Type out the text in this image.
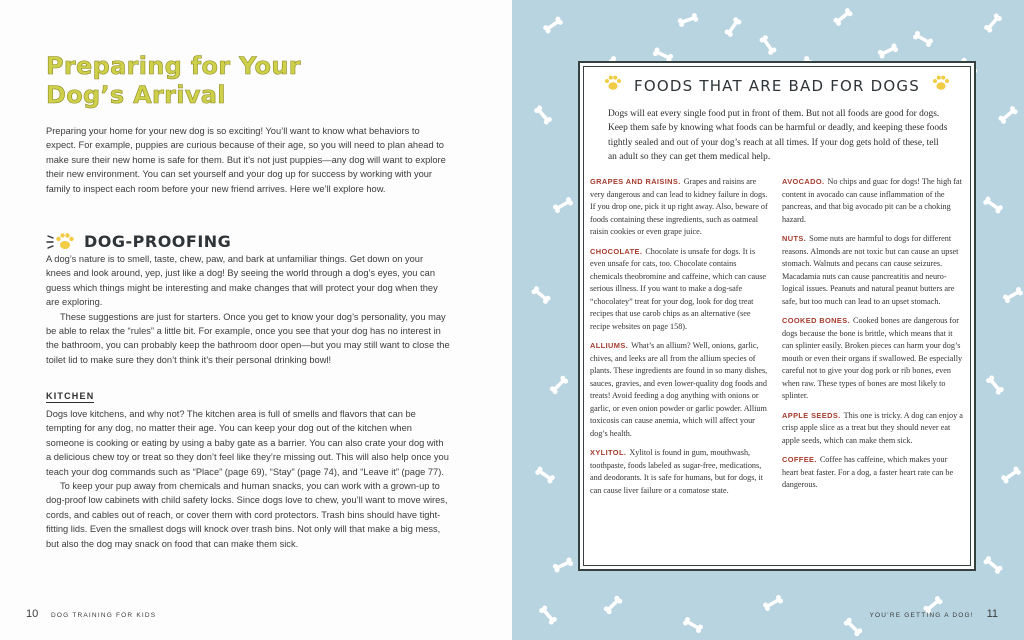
Preparing for Your
Dog’s Arrival

Preparing your home for your new dog is so exciting! You’ll want to know what behaviors to expect. For example, puppies are curious because of their age, so you will need to plan ahead to make sure their new home is safe for them. But it’s not just puppies—any dog will want to explore their new environment. You can set yourself and your dog up for success by working with your family to inspect each room before your new friend arrives. Here we’ll explore how.

DOG-PROOFING

A dog’s nature is to smell, taste, chew, paw, and bark at unfamiliar things. Get down on your knees and look around, yep, just like a dog! By seeing the world through a dog’s eyes, you can guess which things might be interesting and make changes that will protect your dog when they are exploring.

These suggestions are just for starters. Once you get to know your dog’s personality, you may be able to relax the “rules” a little bit. For example, once you see that your dog has no interest in the bathroom, you can probably keep the bathroom door open—but you may still want to close the toilet lid to make sure they don’t think it’s their personal drinking bowl!

KITCHEN

Dogs love kitchens, and why not? The kitchen area is full of smells and flavors that can be tempting for any dog, no matter their age. You can keep your dog out of the kitchen when someone is cooking or eating by using a baby gate as a barrier. You can also crate your dog with a delicious chew toy or treat so they don’t feel like they’re missing out. This will also help once you teach your dog commands such as “Place” (page 69), “Stay” (page 74), and “Leave it” (page 77).

To keep your pup away from chemicals and human snacks, you can work with a grown-up to dog-proof low cabinets with child safety locks. Since dogs love to chew, you’ll want to move wires, cords, and cables out of reach, or cover them with cord protectors. Trash bins should have tight-fitting lids. Even the smallest dogs will knock over trash bins. Not only will that make a big mess, but also the dog may snack on food that can make them sick.

10 DOG TRAINING FOR KIDS
FOODS THAT ARE BAD FOR DOGS
Dogs will eat every single food put in front of them. But not all foods are good for dogs. Keep them safe by knowing what foods can be harmful or deadly, and keeping these foods tightly sealed and out of your dog’s reach at all times. If your dog gets hold of these, tell an adult so they can get them medical help.

GRAPES AND RAISINS. Grapes and raisins are very dangerous and can lead to kidney failure in dogs. If you drop one, pick it up right away. Also, beware of foods containing these ingredients, such as oatmeal raisin cookies or even grape juice.

CHOCOLATE. Chocolate is unsafe for dogs. It is even unsafe for cats, too. Chocolate contains chemicals theobromine and caffeine, which can cause serious illness. If you want to make a dog-safe “chocolatey” treat for your dog, look for dog treat recipes that use carob chips as an alternative (see recipe websites on page 158).

ALLIUMS. What’s an allium? Well, onions, garlic, chives, and leeks are all from the allium species of plants. These ingredients are found in so many dishes, sauces, gravies, and even lower-quality dog foods and treats! Avoid feeding a dog anything with onions or garlic, or even onion powder or garlic powder. Allium toxicosis can cause anemia, which will affect your dog’s health.

XYLITOL. Xylitol is found in gum, mouthwash, toothpaste, foods labeled as sugar-free, medications, and deodorants. It is safe for humans, but for dogs, it can cause liver failure or a comatose state.

AVOCADO. No chips and guac for dogs! The high fat content in avocado can cause inflammation of the pancreas, and that big avocado pit can be a choking hazard.

NUTS. Some nuts are harmful to dogs for different reasons. Almonds are not toxic but can cause an upset stomach. Walnuts and pecans can cause seizures. Macadamia nuts can cause pancreatitis and neurological issues. Peanuts and natural peanut butters are safe, but too much can lead to an upset stomach.

COOKED BONES. Cooked bones are dangerous for dogs because the bone is brittle, which means that it can splinter easily. Broken pieces can harm your dog’s mouth or even their organs if swallowed. Be especially careful not to give your dog pork or rib bones, even when raw. These types of bones are most likely to splinter.

APPLE SEEDS. This one is tricky. A dog can enjoy a crisp apple slice as a treat but they should never eat apple seeds, which can make them sick.

COFFEE. Coffee has caffeine, which makes your heart beat faster. For a dog, a faster heart rate can be dangerous.

YOU’RE GETTING A DOG! 11
